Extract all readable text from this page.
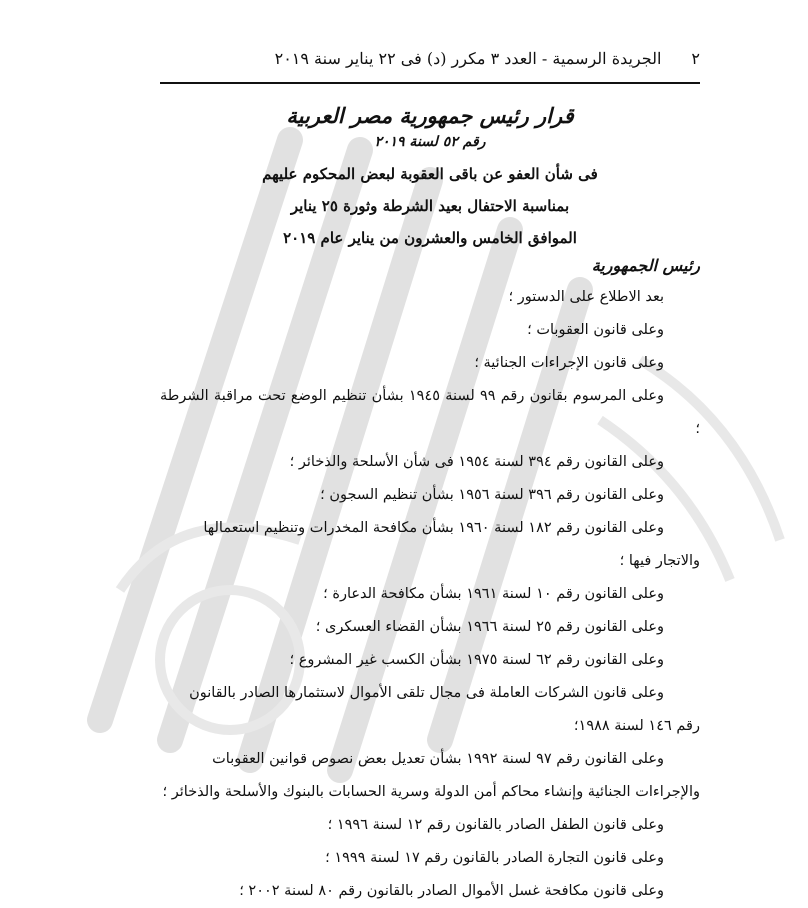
٢
الجريدة الرسمية - العدد ٣ مكرر (د) فى ٢٢ يناير سنة ٢٠١٩
قرار رئيس جمهورية مصر العربية
رقم ٥٢ لسنة ٢٠١٩
فى شأن العفو عن باقى العقوبة لبعض المحكوم عليهم
بمناسبة الاحتفال بعيد الشرطة وثورة ٢٥ يناير
الموافق الخامس والعشرون من يناير عام ٢٠١٩
رئيس الجمهورية
بعد الاطلاع على الدستور ؛
وعلى قانون العقوبات ؛
وعلى قانون الإجراءات الجنائية ؛
وعلى المرسوم بقانون رقم ٩٩ لسنة ١٩٤٥ بشأن تنظيم الوضع تحت مراقبة الشرطة ؛
وعلى القانون رقم ٣٩٤ لسنة ١٩٥٤ فى شأن الأسلحة والذخائر ؛
وعلى القانون رقم ٣٩٦ لسنة ١٩٥٦ بشأن تنظيم السجون ؛
وعلى القانون رقم ١٨٢ لسنة ١٩٦٠ بشأن مكافحة المخدرات وتنظيم استعمالها
والاتجار فيها ؛
وعلى القانون رقم ١٠ لسنة ١٩٦١ بشأن مكافحة الدعارة ؛
وعلى القانون رقم ٢٥ لسنة ١٩٦٦ بشأن القضاء العسكرى ؛
وعلى القانون رقم ٦٢ لسنة ١٩٧٥ بشأن الكسب غير المشروع ؛
وعلى قانون الشركات العاملة فى مجال تلقى الأموال لاستثمارها الصادر بالقانون
رقم ١٤٦ لسنة ١٩٨٨؛
وعلى القانون رقم ٩٧ لسنة ١٩٩٢ بشأن تعديل بعض نصوص قوانين العقوبات
والإجراءات الجنائية وإنشاء محاكم أمن الدولة وسرية الحسابات بالبنوك والأسلحة والذخائر ؛
وعلى قانون الطفل الصادر بالقانون رقم ١٢ لسنة ١٩٩٦ ؛
وعلى قانون التجارة الصادر بالقانون رقم ١٧ لسنة ١٩٩٩ ؛
وعلى قانون مكافحة غسل الأموال الصادر بالقانون رقم ٨٠ لسنة ٢٠٠٢ ؛
